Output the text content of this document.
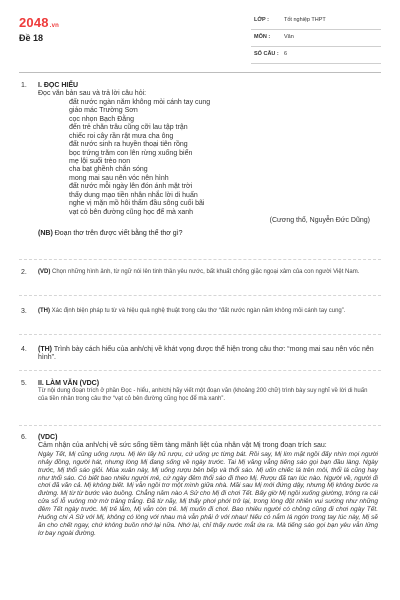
2048.vn
Đề 18
LỚP :	Tốt nghiệp THPT
MÔN :	Văn
SỐ CÂU : 6
1. I. ĐỌC HIỂU
Đọc văn bản sau và trả lời câu hỏi:
đất nước ngàn năm không mỏi cánh tay cung
giáo mác Trường Sơn
cọc nhọn Bạch Đằng
đến trẻ chăn trâu cũng cỡi lau tập trận
chiếc roi cây rần rật mưa cha ông
đất nước sinh ra huyền thoại tiên rồng
bọc trứng trăm con lên rừng xuống biển
mẹ lội suối trèo non
cha bạt ghềnh chắn sóng
mong mai sau nên vóc nên hình
đất nước mỗi ngày lên đón ánh mặt trời
thấy dung mạo tiền nhân nhắc lời di huấn
nghe vị mặn mồ hôi thấm đầu sông cuối bãi
vạt cỏ bên đường cũng học để mà xanh
(Cương thổ, Nguyễn Đức Dũng)
(NB) Đoạn thơ trên được viết bằng thể thơ gì?
2. (VD) Chọn những hình ảnh, từ ngữ nói lên tinh thần yêu nước, bất khuất chống giặc ngoại xâm của con người Việt Nam.
3. (TH) Xác định biện pháp tu từ và hiệu quả nghệ thuật trong câu thơ “đất nước ngàn năm không mỏi cánh tay cung”.
4. (TH) Trình bày cách hiểu của anh/chị về khát vọng được thể hiện trong câu thơ: “mong mai sau nên vóc nên hình”.
5. II. LÀM VĂN (VDC)
Từ nội dung đoạn trích ở phần Đọc - hiểu, anh/chị hãy viết một đoạn văn (khoảng 200 chữ) trình bày suy nghĩ về lời di huấn của tiền nhân trong câu thơ “vạt cỏ bên đường cũng học để mà xanh”.
6. (VDC)
Cảm nhận của anh/chị về sức sống tiềm tàng mãnh liệt của nhân vật Mị trong đoạn trích sau:
Ngày Tết, Mị cũng uống rượu. Mị lén lấy hũ rượu, cứ uống ực từng bát. Rồi say, Mị lim mặt ngồi đấy nhìn mọi người nhảy đồng, người hát, nhưng lòng Mị đang sống về ngày trước. Tai Mị văng vẳng tiếng sáo gọi bạn đầu làng. Ngày trước, Mị thổi sáo giỏi. Mùa xuân này, Mị uống rượu bên bếp và thổi sáo. Mị uốn chiếc lá trên môi, thổi lá cũng hay như thổi sáo. Có biết bao nhiêu người mê, cứ ngày đêm thổi sáo đi theo Mị. Rượu đã tan lúc nào. Người về, người đi chơi đã vãn cả. Mị không biết. Mị vẫn ngồi trơ một mình giữa nhà. Mãi sau Mị mới đứng dậy, nhưng Mị không bước ra đường. Mị từ từ bước vào buồng. Chẳng năm nào A Sử cho Mị đi chơi Tết. Bấy giờ Mị ngồi xuống giường, trông ra cái cửa sổ lỗ vuông mờ mờ trăng trắng. Đã từ nãy, Mị thấy phơi phới trở lại, trong lòng đột nhiên vui sướng như những đêm Tết ngày trước. Mị trẻ lắm, Mị vẫn còn trẻ. Mị muốn đi chơi. Bao nhiêu người có chồng cũng đi chơi ngày Tết. Huống chi A Sử với Mị, không có lòng với nhau mà vẫn phải ở với nhau! Nếu có nắm lá ngón trong tay lúc này, Mị sẽ ăn cho chết ngay, chứ không buồn nhớ lại nữa. Nhớ lại, chỉ thấy nước mắt ứa ra. Mà tiếng sáo gọi bạn yêu vẫn lửng lơ bay ngoài đường.
